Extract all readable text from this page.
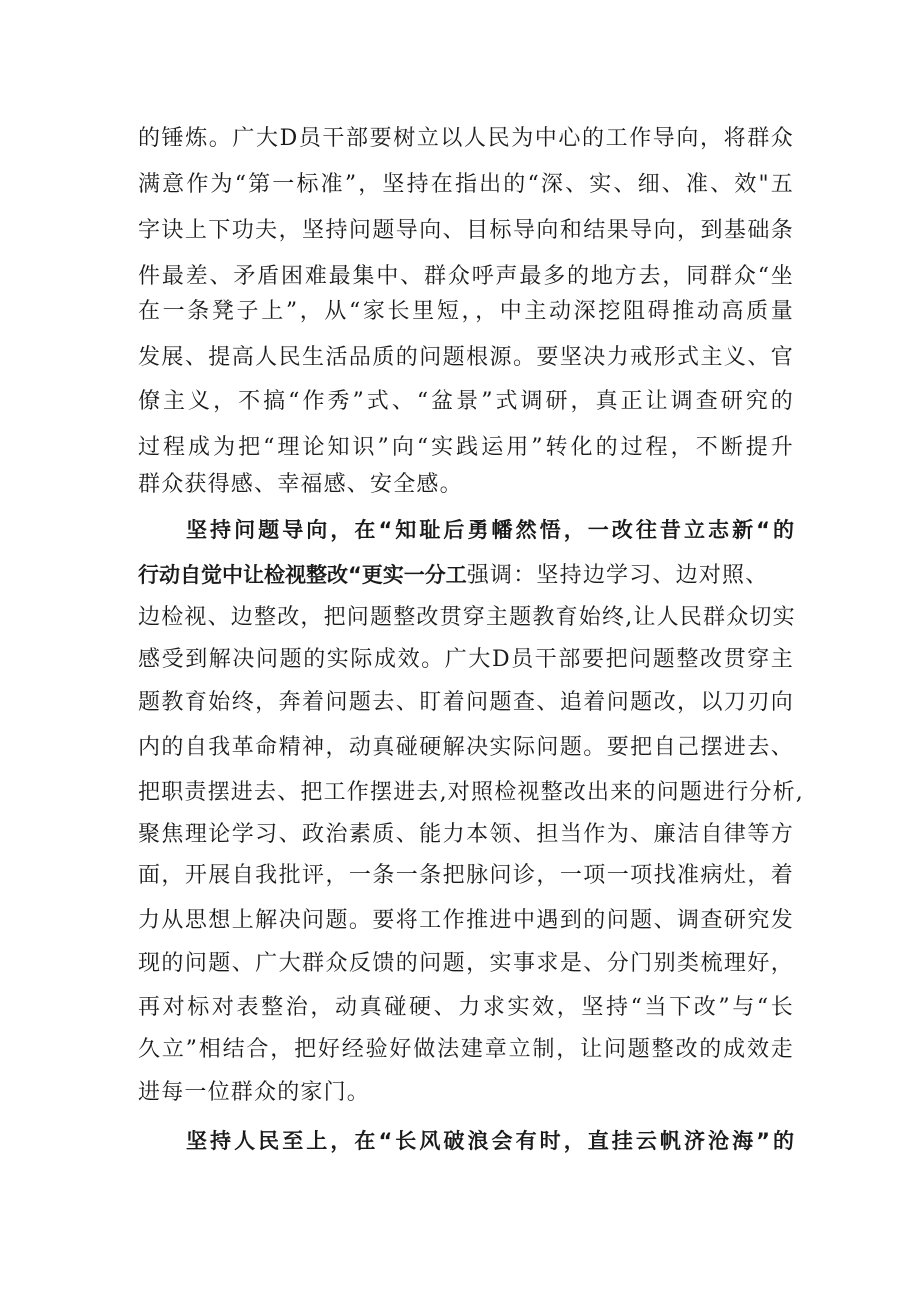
的锤炼。广大D员干部要树立以人民为中心的工作导向，将群众
满意作为“第一标准”，坚持在指出的“深、实、细、准、效"五
字诀上下功夫，坚持问题导向、目标导向和结果导向，到基础条
件最差、矛盾困难最集中、群众呼声最多的地方去，同群众“坐
在一条凳子上”，从“家长里短，，中主动深挖阻碍推动高质量
发展、提高人民生活品质的问题根源。要坚决力戒形式主义、官
僚主义，不搞“作秀”式、“盆景”式调研，真正让调查研究的
过程成为把“理论知识”向“实践运用”转化的过程，不断提升
群众获得感、幸福感、安全感。
坚持问题导向，在“知耻后勇幡然悟，一改往昔立志新“的
行动自觉中让检视整改“更实一分工强调：坚持边学习、边对照、
边检视、边整改，把问题整改贯穿主题教育始终,让人民群众切实
感受到解决问题的实际成效。广大D员干部要把问题整改贯穿主
题教育始终，奔着问题去、盯着问题查、追着问题改，以刀刃向
内的自我革命精神，动真碰硬解决实际问题。要把自己摆进去、
把职责摆进去、把工作摆进去,对照检视整改出来的问题进行分析,
聚焦理论学习、政治素质、能力本领、担当作为、廉洁自律等方
面，开展自我批评，一条一条把脉问诊，一项一项找准病灶，着
力从思想上解决问题。要将工作推进中遇到的问题、调查研究发
现的问题、广大群众反馈的问题，实事求是、分门别类梳理好，
再对标对表整治，动真碰硬、力求实效，坚持“当下改”与“长
久立”相结合，把好经验好做法建章立制，让问题整改的成效走
进每一位群众的家门。
坚持人民至上，在“长风破浪会有时，直挂云帆济沧海”的
